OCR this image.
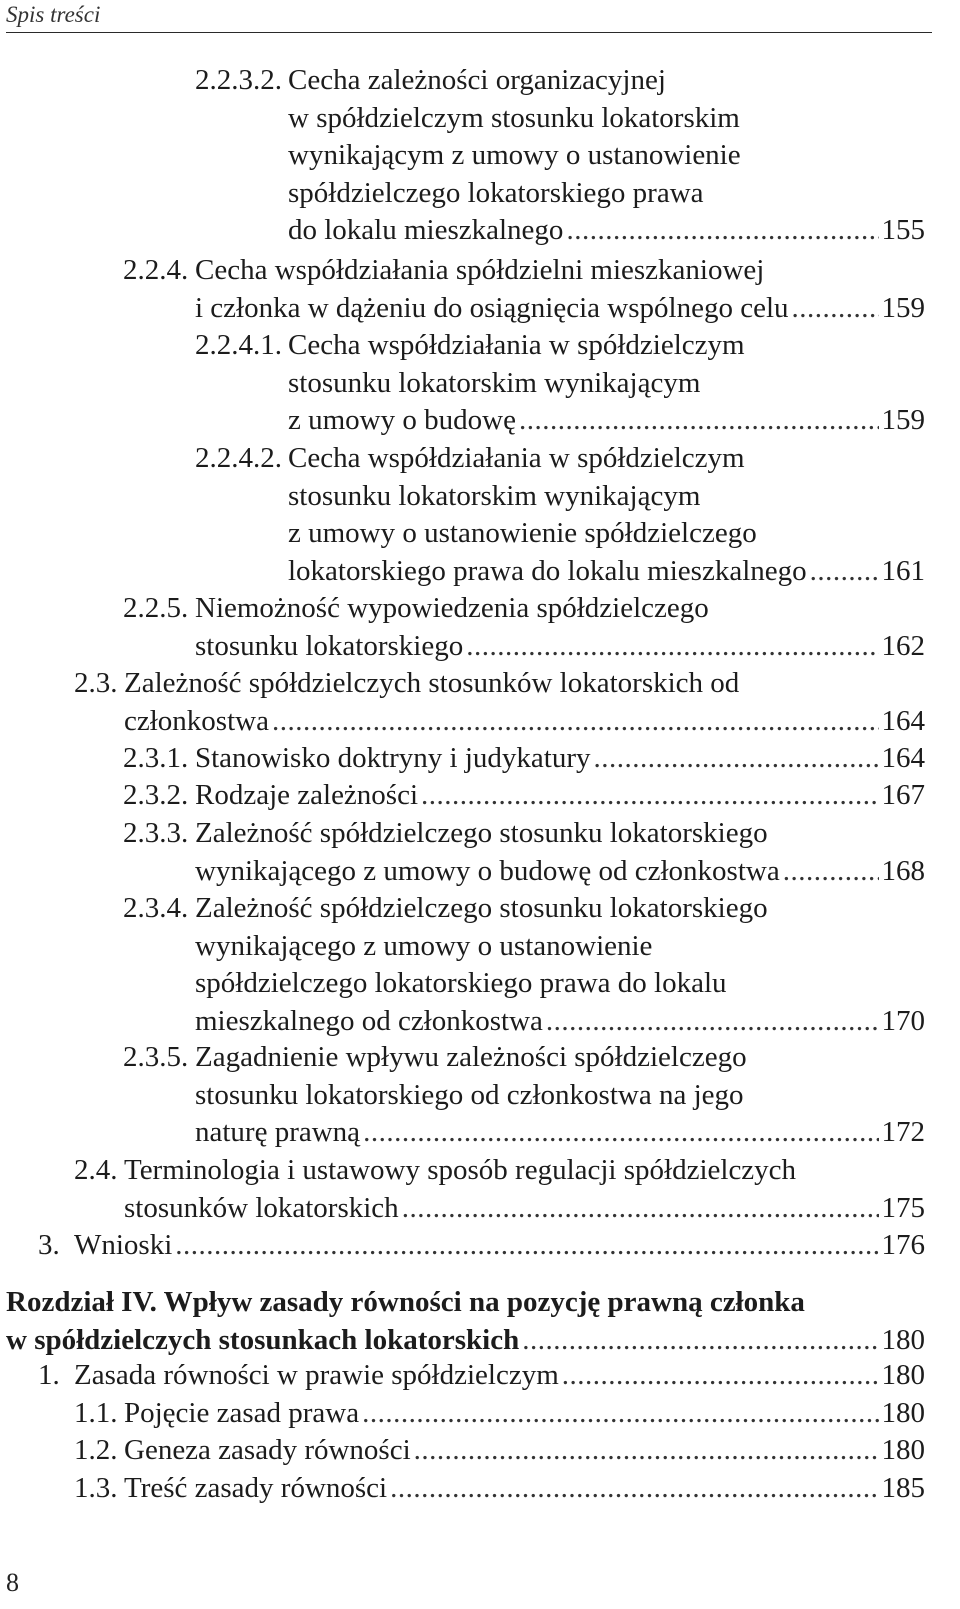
Spis treści
2.2.3.2. Cecha zależności organizacyjnej
w spółdzielczym stosunku lokatorskim
wynikającym z umowy o ustanowienie
spółdzielczego lokatorskiego prawa
do lokalu mieszkalnego .....	155
2.2.4. Cecha współdziałania spółdzielni mieszkaniowej
i członka w dążeniu do osiągnięcia wspólnego celu .....	159
2.2.4.1. Cecha współdziałania w spółdzielczym
stosunku lokatorskim wynikającym
z umowy o budowę .....	159
2.2.4.2. Cecha współdziałania w spółdzielczym
stosunku lokatorskim wynikającym
z umowy o ustanowienie spółdzielczego
lokatorskiego prawa do lokalu mieszkalnego .....	161
2.2.5. Niemożność wypowiedzenia spółdzielczego
stosunku lokatorskiego .....	162
2.3. Zależność spółdzielczych stosunków lokatorskich od
członkostwa .....	164
2.3.1. Stanowisko doktryny i judykatury .....	164
2.3.2. Rodzaje zależności .....	167
2.3.3. Zależność spółdzielczego stosunku lokatorskiego
wynikającego z umowy o budowę od członkostwa .....	168
2.3.4. Zależność spółdzielczego stosunku lokatorskiego
wynikającego z umowy o ustanowienie
spółdzielczego lokatorskiego prawa do lokalu
mieszkalnego od członkostwa .....	170
2.3.5. Zagadnienie wpływu zależności spółdzielczego
stosunku lokatorskiego od członkostwa na jego
naturę prawną .....	172
2.4. Terminologia i ustawowy sposób regulacji spółdzielczych
stosunków lokatorskich .....	175
3. Wnioski .....	176
Rozdział IV. Wpływ zasady równości na pozycję prawną członka
w spółdzielczych stosunkach lokatorskich .....	180
1. Zasada równości w prawie spółdzielczym .....	180
1.1. Pojęcie zasad prawa .....	180
1.2. Geneza zasady równości .....	180
1.3. Treść zasady równości .....	185
8
